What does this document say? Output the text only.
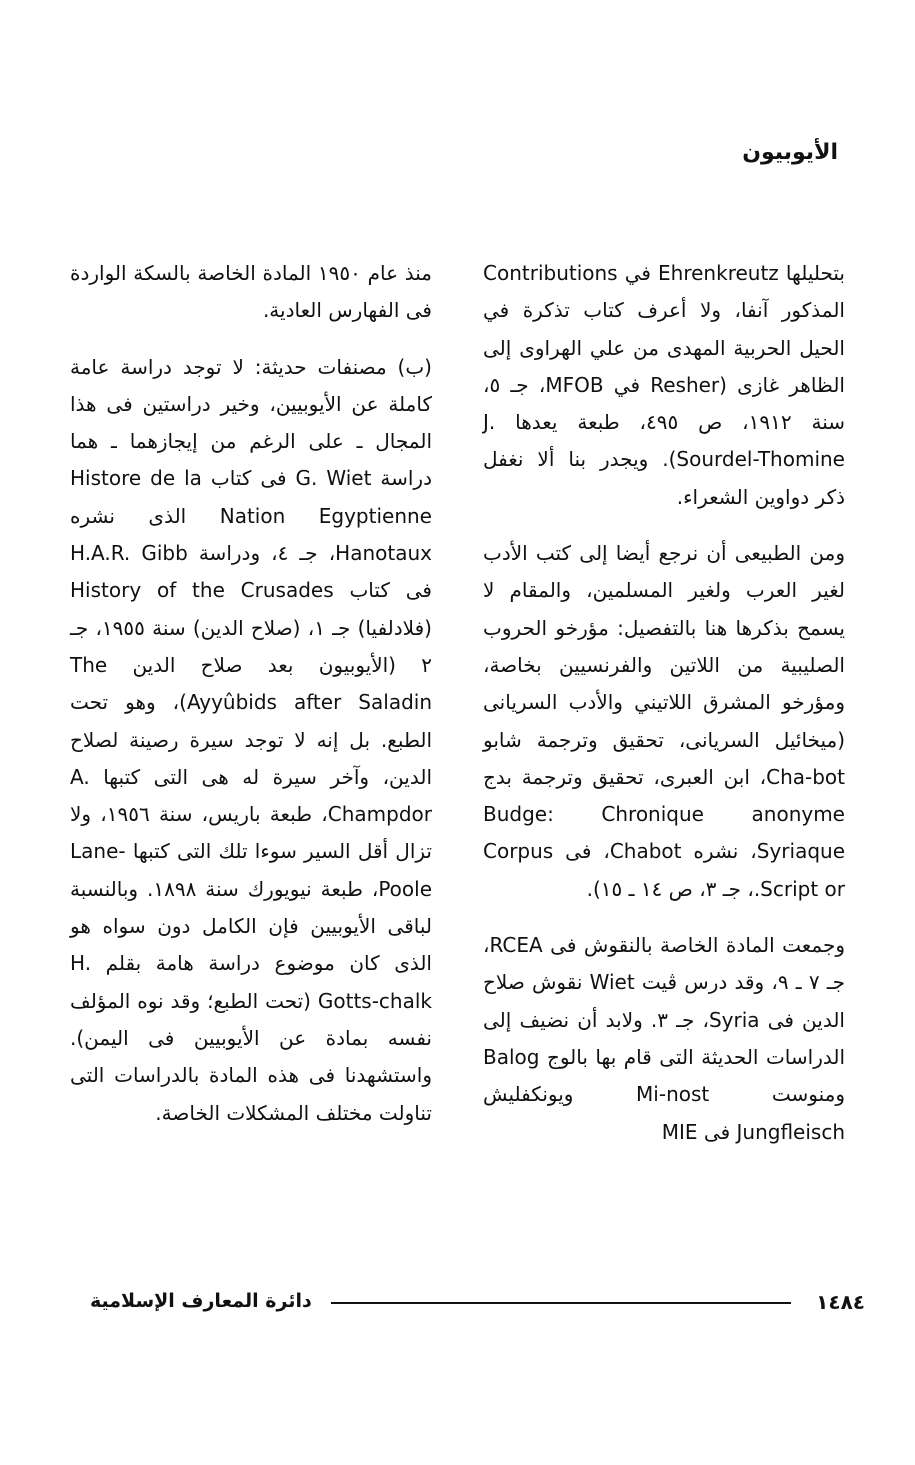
الأيوبيون

بتحليلها Ehrenkreutz في Contributions المذكور آنفا، ولا أعرف كتاب تذكرة في الحيل الحربية المهدى من علي الهراوى إلى الظاهر غازى (Resher في MFOB، جـ ٥، سنة ١٩١٢، ص ٤٩٥، طبعة يعدها J. Sourdel-Thomine). ويجدر بنا ألا نغفل ذكر دواوين الشعراء.

ومن الطبيعى أن نرجع أيضا إلى كتب الأدب لغير العرب ولغير المسلمين، والمقام لا يسمح بذكرها هنا بالتفصيل: مؤرخو الحروب الصليبية من اللاتين والفرنسيين بخاصة، ومؤرخو المشرق اللاتيني والأدب السريانى (ميخائيل السريانى، تحقيق وترجمة شابو Cha-bot، ابن العبرى، تحقيق وترجمة بدج Budge: Chronique anonyme Syriaque، نشره Chabot، فى Corpus Script or.، جـ ٣، ص ١٤ ـ ١٥).

وجمعت المادة الخاصة بالنقوش فى RCEA، جـ ٧ ـ ٩، وقد درس ڤيت Wiet نقوش صلاح الدين فى Syria، جـ ٣. ولابد أن نضيف إلى الدراسات الحديثة التى قام بها بالوج Balog ومنوست Mi-nost ويونكفليش Jungfleisch فى MIE

منذ عام ١٩٥٠ المادة الخاصة بالسكة الواردة فى الفهارس العادية.

(ب) مصنفات حديثة: لا توجد دراسة عامة كاملة عن الأيوبيين، وخير دراستين فى هذا المجال ـ على الرغم من إيجازهما ـ هما دراسة G. Wiet فى كتاب Histore de la Nation Egyptienne الذى نشره Hanotaux، جـ ٤، ودراسة H.A.R. Gibb فى كتاب History of the Crusades (فلادلفيا) جـ ١، (صلاح الدين) سنة ١٩٥٥، جـ ٢ (الأيوبيون بعد صلاح الدين The Ayyûbids after Saladin)، وهو تحت الطبع. بل إنه لا توجد سيرة رصينة لصلاح الدين، وآخر سيرة له هى التى كتبها A. Champdor، طبعة باريس، سنة ١٩٥٦، ولا تزال أقل السير سوءا تلك التى كتبها Lane-Poole، طبعة نيويورك سنة ١٨٩٨. وبالنسبة لباقى الأيوبيين فإن الكامل دون سواه هو الذى كان موضوع دراسة هامة بقلم H. Gotts-chalk (تحت الطبع؛ وقد نوه المؤلف نفسه بمادة عن الأيوبيين فى اليمن). واستشهدنا فى هذه المادة بالدراسات التى تناولت مختلف المشكلات الخاصة.

١٤٨٤
دائرة المعارف الإسلامية
